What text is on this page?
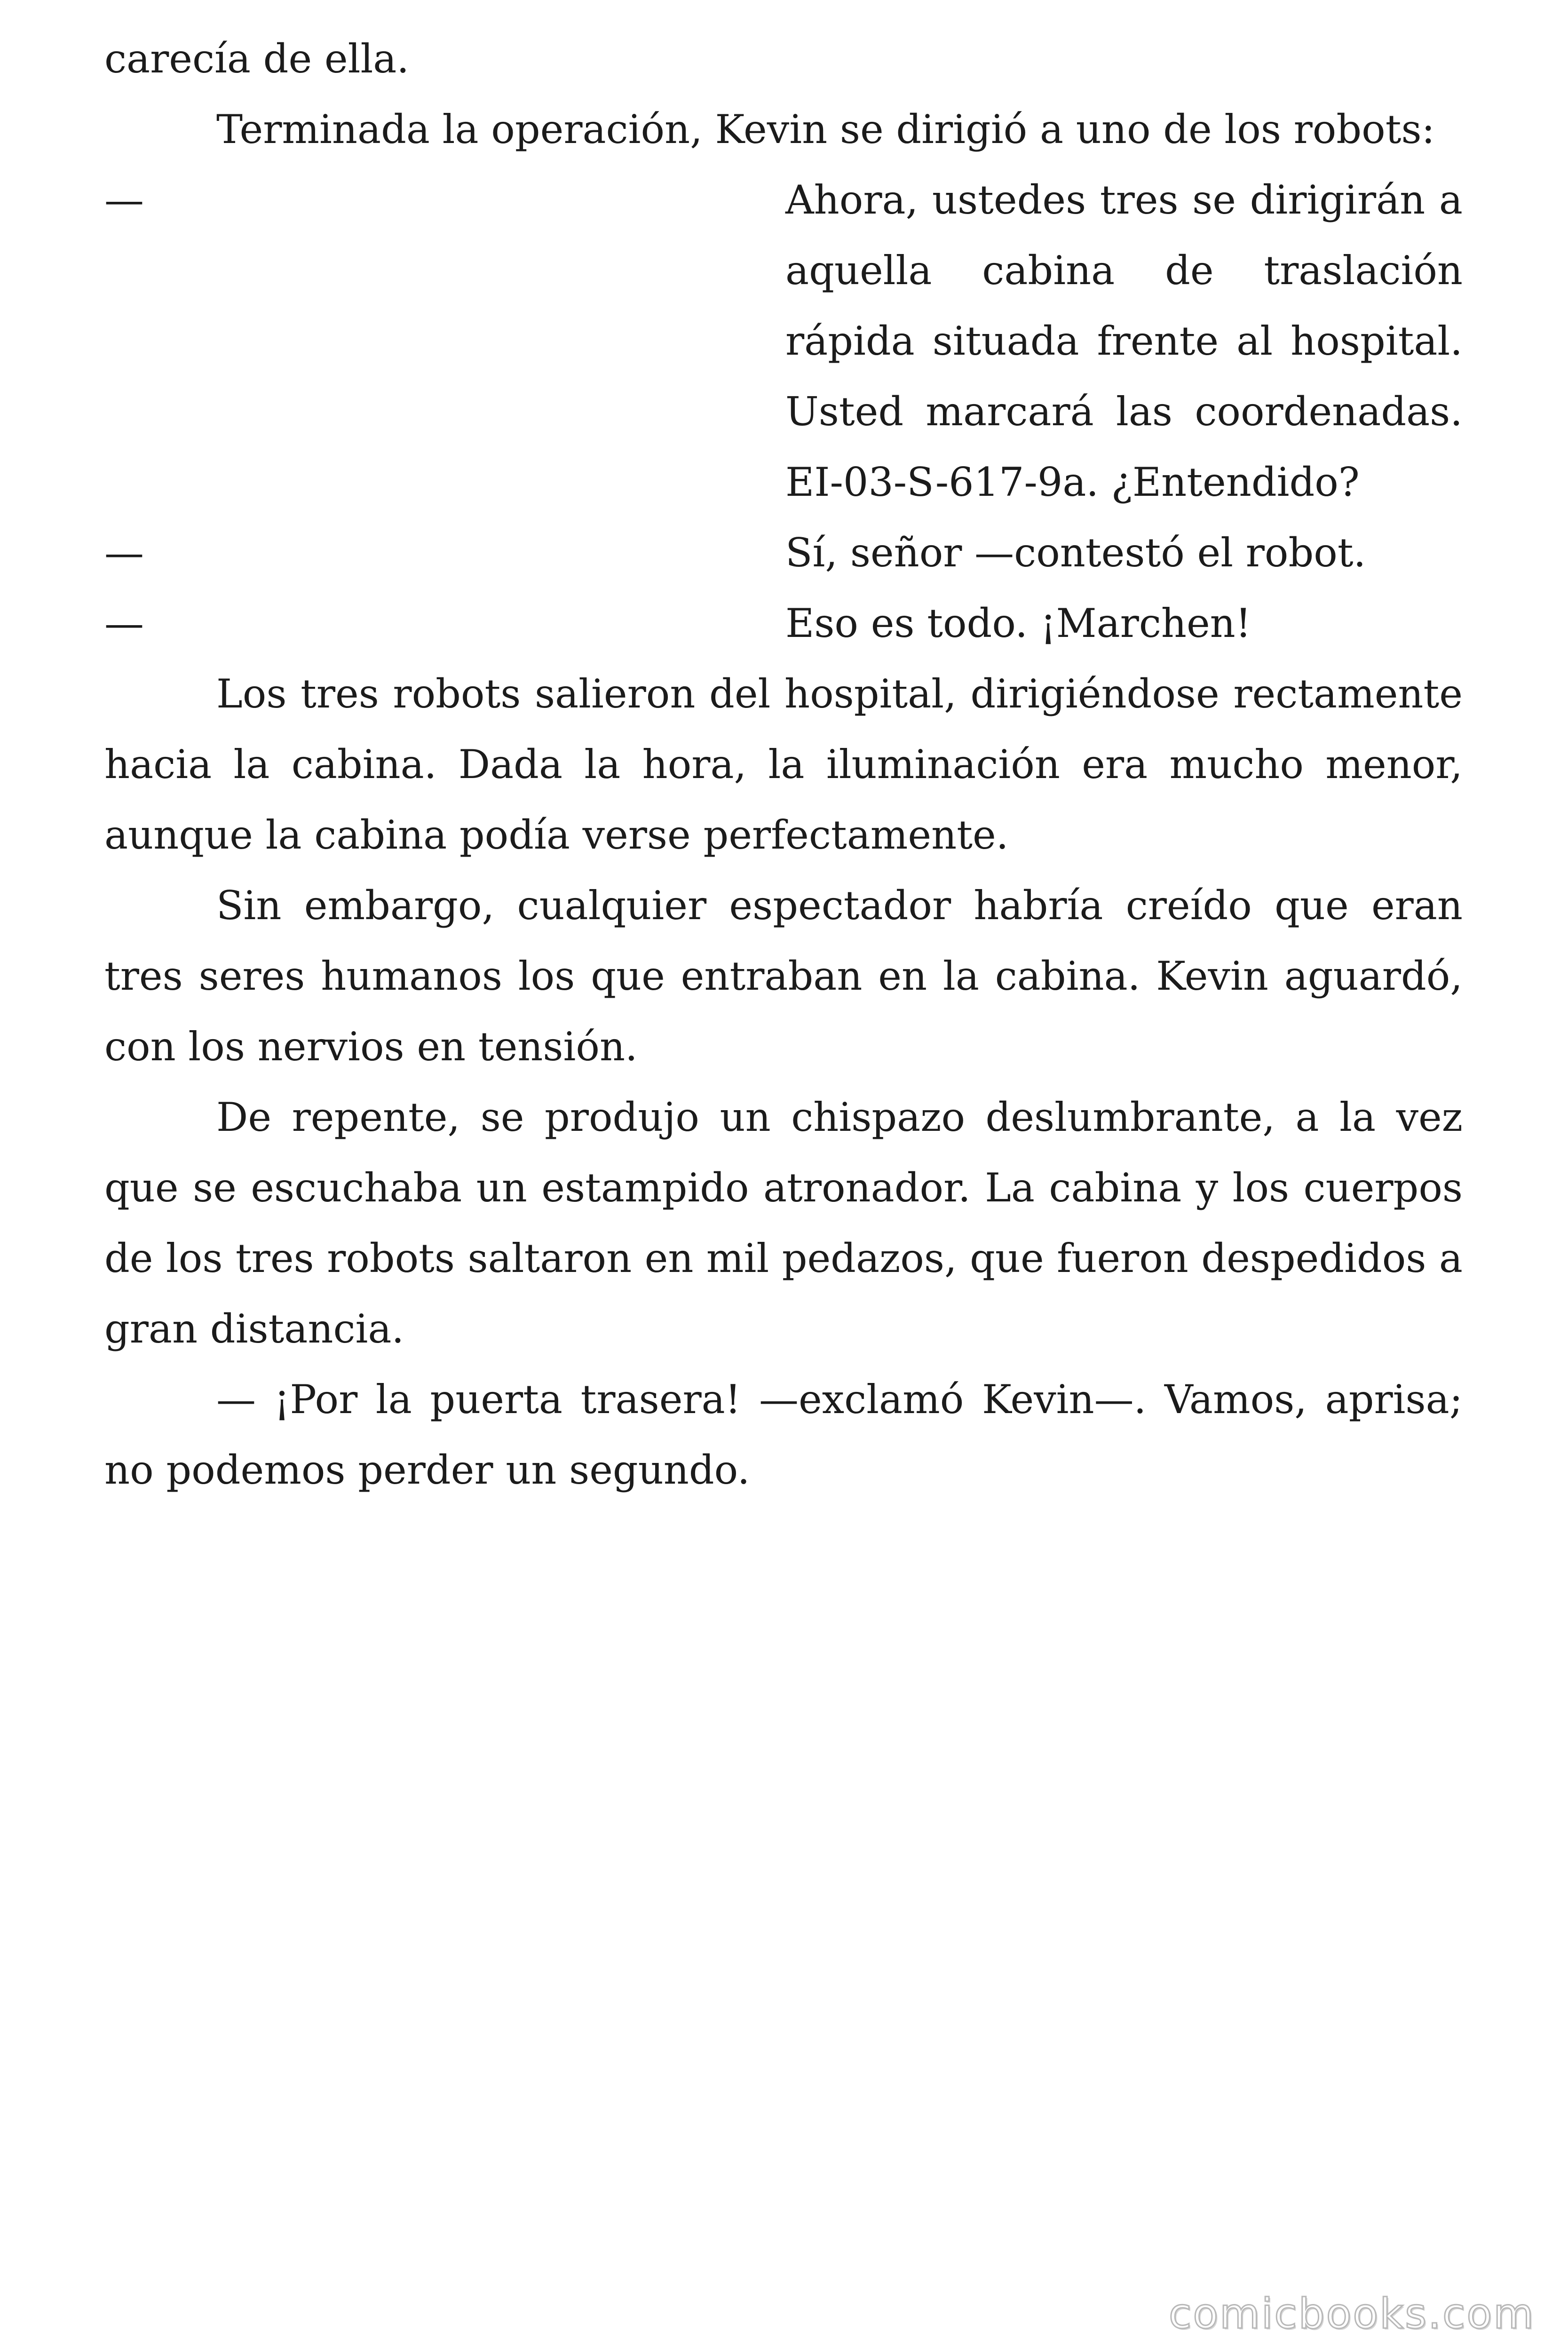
carecía de ella.

Terminada la operación, Kevin se dirigió a uno de los robots:

—	Ahora, ustedes tres se dirigirán a aquella cabina de traslación rápida situada frente al hospital. Usted marcará las coordenadas. EI-03-S-617-9a. ¿Entendido?
—	Sí, señor —contestó el robot.
—	Eso es todo. ¡Marchen!

Los tres robots salieron del hospital, dirigiéndose rectamente hacia la cabina. Dada la hora, la iluminación era mucho menor, aunque la cabina podía verse perfectamente.

Sin embargo, cualquier espectador habría creído que eran tres seres humanos los que entraban en la cabina. Kevin aguardó, con los nervios en tensión.

De repente, se produjo un chispazo deslumbrante, a la vez que se escuchaba un estampido atronador. La cabina y los cuerpos de los tres robots saltaron en mil pedazos, que fueron despedidos a gran distancia.

— ¡Por la puerta trasera! —exclamó Kevin—. Vamos, aprisa; no podemos perder un segundo.

comicbooks.com
